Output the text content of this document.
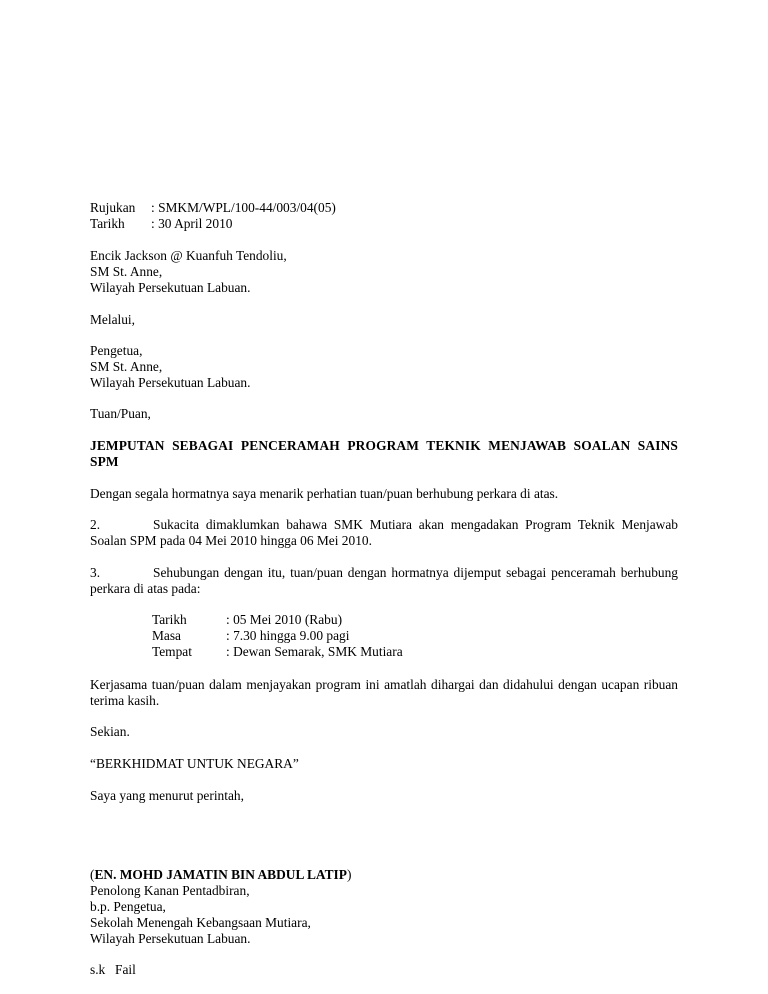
Rujukan : SMKM/WPL/100-44/003/04(05)
Tarikh : 30 April 2010
Encik Jackson @ Kuanfuh Tendoliu,
SM St. Anne,
Wilayah Persekutuan Labuan.
Melalui,
Pengetua,
SM St. Anne,
Wilayah Persekutuan Labuan.
Tuan/Puan,
JEMPUTAN SEBAGAI PENCERAMAH PROGRAM TEKNIK MENJAWAB SOALAN SAINS SPM
Dengan segala hormatnya saya menarik perhatian tuan/puan berhubung perkara di atas.
2.	Sukacita dimaklumkan bahawa SMK Mutiara akan mengadakan Program Teknik Menjawab Soalan SPM pada 04 Mei 2010 hingga 06 Mei 2010.
3.	Sehubungan dengan itu, tuan/puan dengan hormatnya dijemput sebagai penceramah berhubung perkara di atas pada:
Tarikh	: 05 Mei 2010 (Rabu)
Masa	: 7.30 hingga 9.00 pagi
Tempat	: Dewan Semarak, SMK Mutiara
Kerjasama tuan/puan dalam menjayakan program ini amatlah dihargai dan didahului dengan ucapan ribuan terima kasih.
Sekian.
“BERKHIDMAT UNTUK NEGARA”
Saya yang menurut perintah,
(EN. MOHD JAMATIN BIN ABDUL LATIP)
Penolong Kanan Pentadbiran,
b.p. Pengetua,
Sekolah Menengah Kebangsaan Mutiara,
Wilayah Persekutuan Labuan.
s.k Fail
